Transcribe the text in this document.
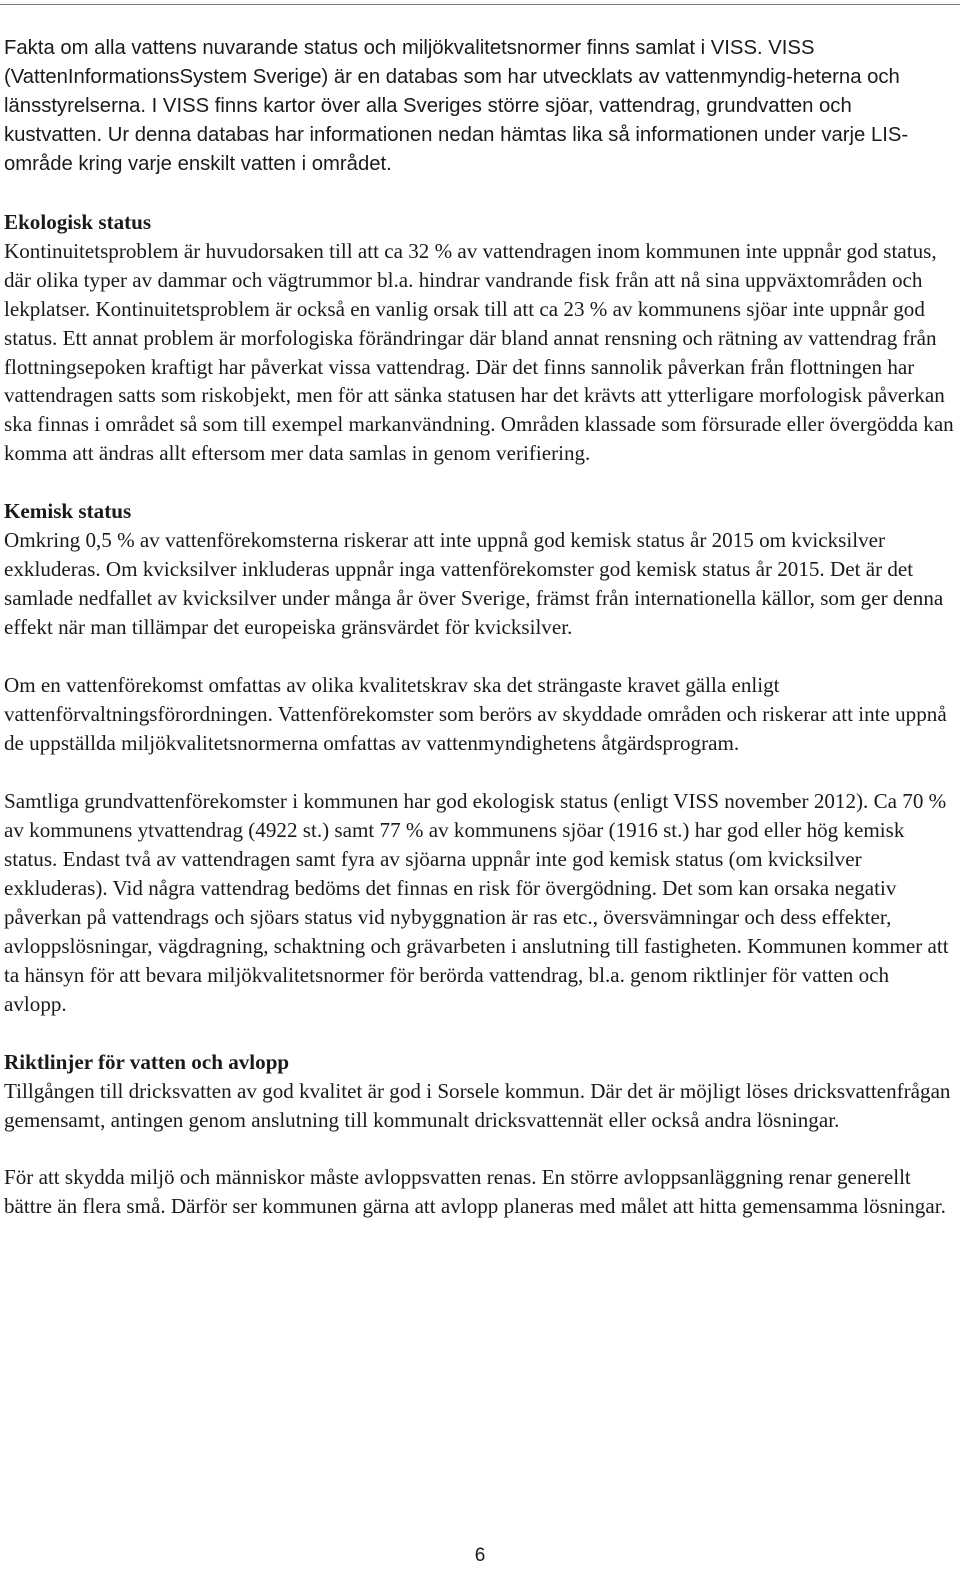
Fakta om alla vattens nuvarande status och miljökvalitetsnormer finns samlat i VISS. VISS (VattenInformationsSystem Sverige) är en databas som har utvecklats av vattenmyndig-heterna och länsstyrelserna. I VISS finns kartor över alla Sveriges större sjöar, vattendrag, grundvatten och kustvatten. Ur denna databas har informationen nedan hämtas lika så informationen under varje LIS-område kring varje enskilt vatten i området.

Ekologisk status

Kontinuitetsproblem är huvudorsaken till att ca 32 % av vattendragen inom kommunen inte uppnår god status, där olika typer av dammar och vägtrummor bl.a. hindrar vandrande fisk från att nå sina uppväxtområden och lekplatser. Kontinuitetsproblem är också en vanlig orsak till att ca 23 % av kommunens sjöar inte uppnår god status. Ett annat problem är morfologiska förändringar där bland annat rensning och rätning av vattendrag från flottningsepoken kraftigt har påverkat vissa vattendrag. Där det finns sannolik påverkan från flottningen har vattendragen satts som riskobjekt, men för att sänka statusen har det krävts att ytterligare morfologisk påverkan ska finnas i området så som till exempel markanvändning. Områden klassade som försurade eller övergödda kan komma att ändras allt eftersom mer data samlas in genom verifiering.

Kemisk status

Omkring 0,5 % av vattenförekomsterna riskerar att inte uppnå god kemisk status år 2015 om kvicksilver exkluderas. Om kvicksilver inkluderas uppnår inga vattenförekomster god kemisk status år 2015. Det är det samlade nedfallet av kvicksilver under många år över Sverige, främst från internationella källor, som ger denna effekt när man tillämpar det europeiska gränsvärdet för kvicksilver.

Om en vattenförekomst omfattas av olika kvalitetskrav ska det strängaste kravet gälla enligt vattenförvaltningsförordningen. Vattenförekomster som berörs av skyddade områden och riskerar att inte uppnå de uppställda miljökvalitetsnormerna omfattas av vattenmyndighetens åtgärdsprogram.

Samtliga grundvattenförekomster i kommunen har god ekologisk status (enligt VISS november 2012). Ca 70 % av kommunens ytvattendrag (4922 st.) samt 77 % av kommunens sjöar (1916 st.) har god eller hög kemisk status. Endast två av vattendragen samt fyra av sjöarna uppnår inte god kemisk status (om kvicksilver exkluderas). Vid några vattendrag bedöms det finnas en risk för övergödning. Det som kan orsaka negativ påverkan på vattendrags och sjöars status vid nybyggnation är ras etc., översvämningar och dess effekter, avloppslösningar, vägdragning, schaktning och grävarbeten i anslutning till fastigheten. Kommunen kommer att ta hänsyn för att bevara miljökvalitetsnormer för berörda vattendrag, bl.a. genom riktlinjer för vatten och avlopp.

Riktlinjer för vatten och avlopp

Tillgången till dricksvatten av god kvalitet är god i Sorsele kommun. Där det är möjligt löses dricksvattenfrågan gemensamt, antingen genom anslutning till kommunalt dricksvattennät eller också andra lösningar.

För att skydda miljö och människor måste avloppsvatten renas. En större avloppsanläggning renar generellt bättre än flera små. Därför ser kommunen gärna att avlopp planeras med målet att hitta gemensamma lösningar.

6
